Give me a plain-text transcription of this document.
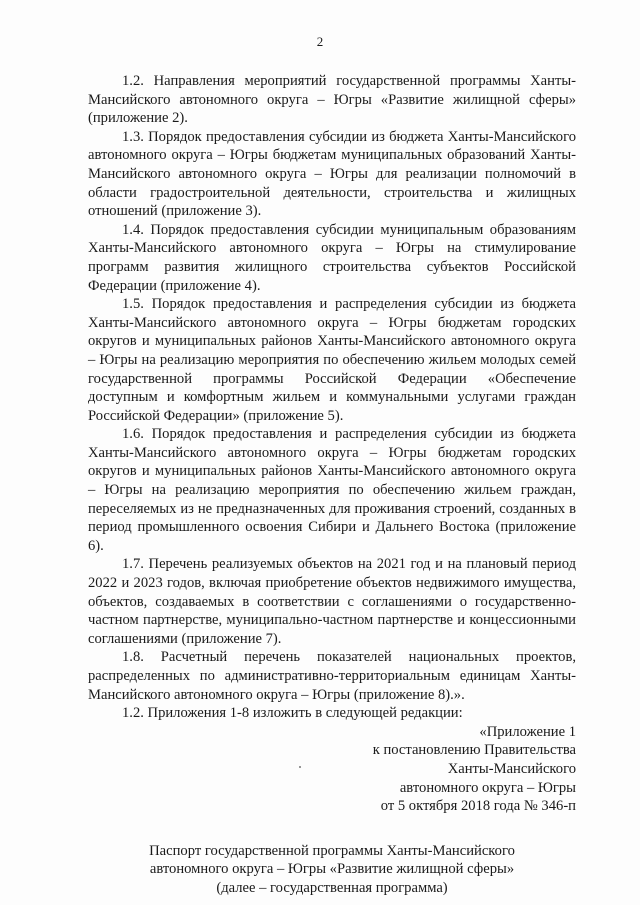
2

1.2. Направления мероприятий государственной программы Ханты-Мансийского автономного округа – Югры «Развитие жилищной сферы» (приложение 2).

1.3. Порядок предоставления субсидии из бюджета Ханты-Мансийского автономного округа – Югры бюджетам муниципальных образований Ханты-Мансийского автономного округа – Югры для реализации полномочий в области градостроительной деятельности, строительства и жилищных отношений (приложение 3).

1.4. Порядок предоставления субсидии муниципальным образованиям Ханты-Мансийского автономного округа – Югры на стимулирование программ развития жилищного строительства субъектов Российской Федерации (приложение 4).

1.5. Порядок предоставления и распределения субсидии из бюджета Ханты-Мансийского автономного округа – Югры бюджетам городских округов и муниципальных районов Ханты-Мансийского автономного округа – Югры на реализацию мероприятия по обеспечению жильем молодых семей государственной программы Российской Федерации «Обеспечение доступным и комфортным жильем и коммунальными услугами граждан Российской Федерации» (приложение 5).

1.6. Порядок предоставления и распределения субсидии из бюджета Ханты-Мансийского автономного округа – Югры бюджетам городских округов и муниципальных районов Ханты-Мансийского автономного округа – Югры на реализацию мероприятия по обеспечению жильем граждан, переселяемых из не предназначенных для проживания строений, созданных в период промышленного освоения Сибири и Дальнего Востока (приложение 6).

1.7. Перечень реализуемых объектов на 2021 год и на плановый период 2022 и 2023 годов, включая приобретение объектов недвижимого имущества, объектов, создаваемых в соответствии с соглашениями о государственно-частном партнерстве, муниципально-частном партнерстве и концессионными соглашениями (приложение 7).

1.8. Расчетный перечень показателей национальных проектов, распределенных по административно-территориальным единицам Ханты-Мансийского автономного округа – Югры (приложение 8).».

1.2. Приложения 1-8 изложить в следующей редакции:

«Приложение 1
к постановлению Правительства
Ханты-Мансийского
автономного округа – Югры
от 5 октября 2018 года № 346-п
Паспорт государственной программы Ханты-Мансийского
автономного округа – Югры «Развитие жилищной сферы»
(далее – государственная программа)
